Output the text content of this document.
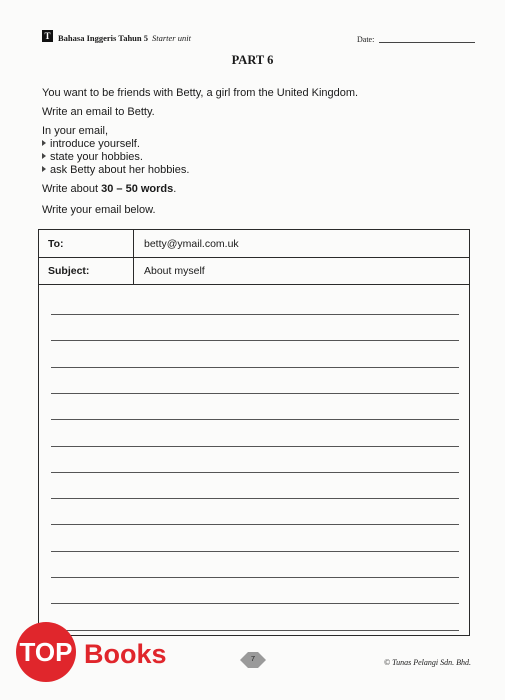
T Bahasa Inggeris Tahun 5 Starter unit	Date:
PART 6
You want to be friends with Betty, a girl from the United Kingdom.
Write an email to Betty.
In your email,
introduce yourself.
state your hobbies.
ask Betty about her hobbies.
Write about 30 – 50 words.
Write your email below.
To:	betty@ymail.com.uk
Subject:	About myself
TOP Books	7	© Tunas Pelangi Sdn. Bhd.
